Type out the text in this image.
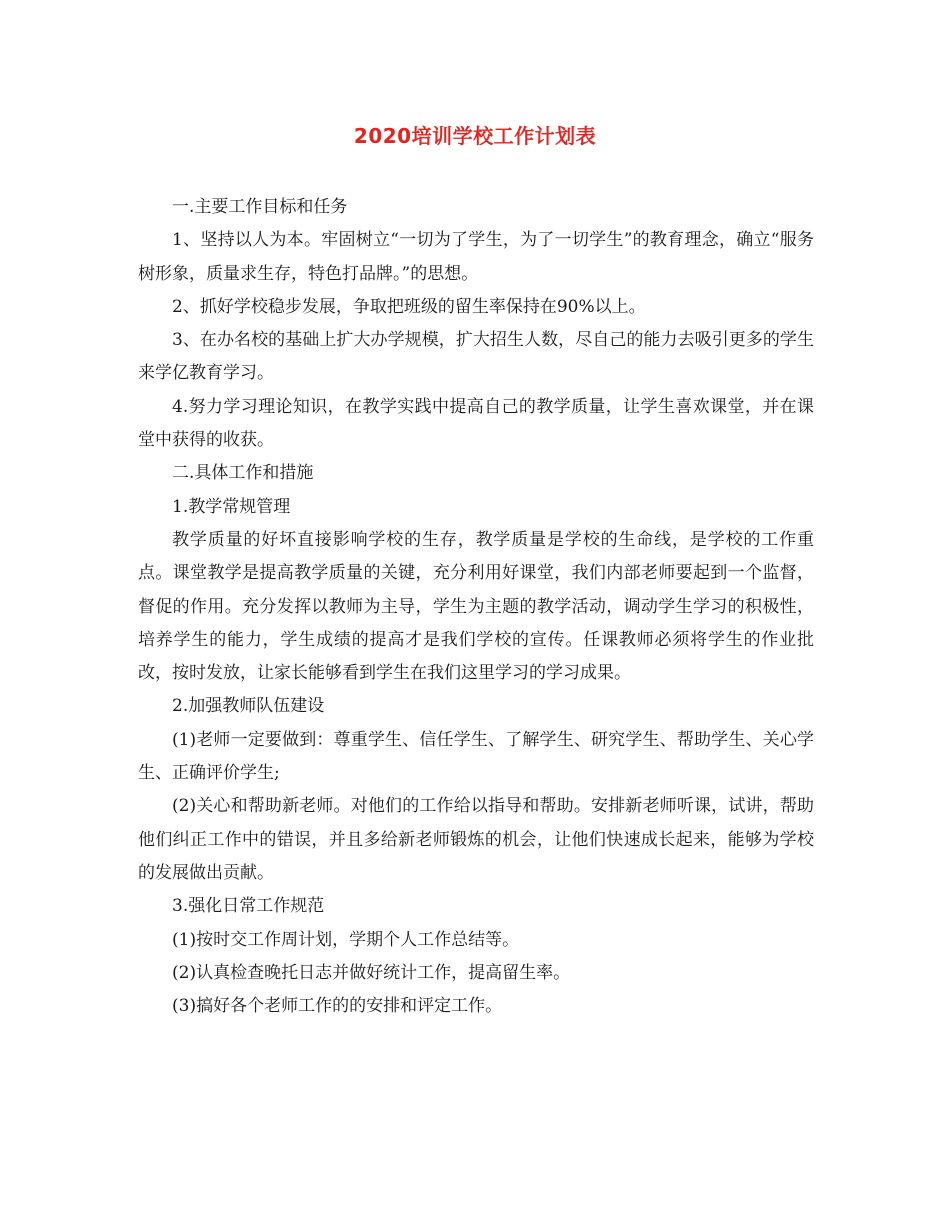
2020培训学校工作计划表

一.主要工作目标和任务

1、坚持以人为本。牢固树立“一切为了学生，为了一切学生”的教育理念，确立“服务树形象，质量求生存，特色打品牌。”的思想。

2、抓好学校稳步发展，争取把班级的留生率保持在90%以上。

3、在办名校的基础上扩大办学规模，扩大招生人数，尽自己的能力去吸引更多的学生来学亿教育学习。

4.努力学习理论知识，在教学实践中提高自己的教学质量，让学生喜欢课堂，并在课堂中获得的收获。

二.具体工作和措施

1.教学常规管理

教学质量的好坏直接影响学校的生存，教学质量是学校的生命线，是学校的工作重点。课堂教学是提高教学质量的关键，充分利用好课堂，我们内部老师要起到一个监督，督促的作用。充分发挥以教师为主导，学生为主题的教学活动，调动学生学习的积极性，培养学生的能力，学生成绩的提高才是我们学校的宣传。任课教师必须将学生的作业批改，按时发放，让家长能够看到学生在我们这里学习的学习成果。

2.加强教师队伍建设

(1)老师一定要做到：尊重学生、信任学生、了解学生、研究学生、帮助学生、关心学生、正确评价学生;

(2)关心和帮助新老师。对他们的工作给以指导和帮助。安排新老师听课，试讲，帮助他们纠正工作中的错误，并且多给新老师锻炼的机会，让他们快速成长起来，能够为学校的发展做出贡献。

3.强化日常工作规范

(1)按时交工作周计划，学期个人工作总结等。

(2)认真检查晚托日志并做好统计工作，提高留生率。

(3)搞好各个老师工作的的安排和评定工作。
